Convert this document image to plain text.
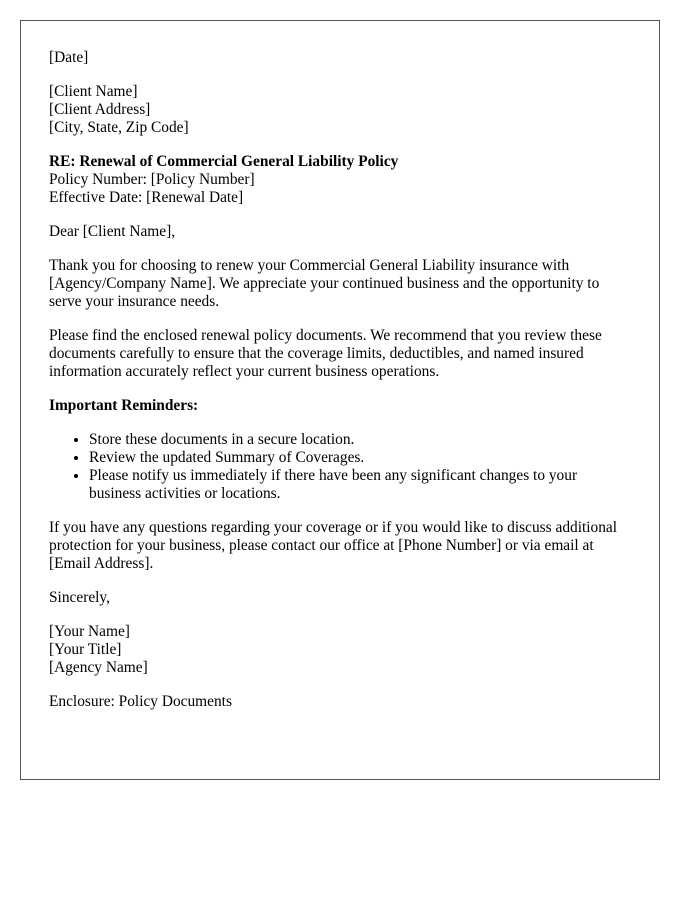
[Date]
[Client Name]
[Client Address]
[City, State, Zip Code]
RE: Renewal of Commercial General Liability Policy
Policy Number: [Policy Number]
Effective Date: [Renewal Date]

Dear [Client Name],

Thank you for choosing to renew your Commercial General Liability insurance with [Agency/Company Name]. We appreciate your continued business and the opportunity to serve your insurance needs.

Please find the enclosed renewal policy documents. We recommend that you review these documents carefully to ensure that the coverage limits, deductibles, and named insured information accurately reflect your current business operations.

Important Reminders:

• Store these documents in a secure location.
• Review the updated Summary of Coverages.
• Please notify us immediately if there have been any significant changes to your business activities or locations.

If you have any questions regarding your coverage or if you would like to discuss additional protection for your business, please contact our office at [Phone Number] or via email at [Email Address].

Sincerely,

[Your Name]
[Your Title]
[Agency Name]

Enclosure: Policy Documents
